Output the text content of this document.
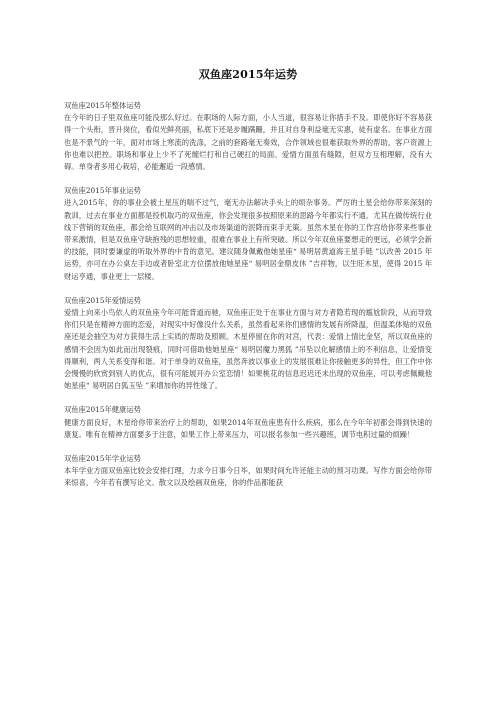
双鱼座2015年运势
双鱼座2015年整体运势
在今年的日子里双鱼座可能没那么好过。在职场的人际方面，小人当道，很容易让你措手不及。即使你好不容易获得一个头衔，晋升岗位，看似光鲜亮丽，私底下还是步履蹒跚，并且对自身利益毫无实惠，徒有虚名。在事业方面也是不景气的一年，面对市场上寒流的洗涤，之前的套路毫无奏效，合作领域也很难获取外界的帮助，客户资源上你也难以把控。职场和事业上少不了死缠烂打和自己硬扛的局面。爱情方面虽有缝隙，但双方互相理解，没有大碍。单身者多用心栽培，必能邂逅一段感情。
双鱼座2015年事业运势
进入2015年，你的事业会被土星压的喘不过气，毫无办法解决手头上的烦杂事务。严厉的土星会给你带来深刻的教训，过去在事业方面都是投机取巧的双鱼座，你会发现很多按照原来的思路今年都实行不通。尤其在做传统行业线下营销的双鱼座，都会给互联网的冲击以及市场渠道的泯降而束手无策。虽然木星在你的工作宫给你带来些事业带来激情，但是双鱼座守缺抱残的思想较重，很难在事业上有所突破。所以今年双鱼座要想走的更远，必须学会新的技能，同时要谦虚的听取外界的中肯的意见。建议随身佩戴他她星座“ 易明居黄道海王星手链 ”以改善 2015 年运势，亦可在办公桌左手边或者卧室北方位摆放他她星座“ 易明居金鼎皮休 ”吉祥物，以生旺木星，使得 2015 年财运亨通，事业更上一层楼。
双鱼座2015年爱情运势
爱情上向来小鸟依人的双鱼座今年可能背道而驰，双鱼座正处于在事业方面与对方者隐若现的尴尬阶段，从而导致你们只是在精神方面的恋爱，对现实中好像没什么关系，虽然看起来你们感情的发展有所降温，但温柔体贴的双鱼座还是会抽空为对方获得生活上实质的帮助及照顾。木星停留在你的对宫，代表：爱情上情比金坚，所以双鱼座的感情不会因为如此而出现裂痕，同时可借助他她星座“ 易明居魔力黑狐 ”吊坠以化解感情上的不利信息，让爱情变得顺利，两人关系变得和谐。对于单身的双鱼座，虽然奔波以事业上的发展很难让你接触更多的异性，但工作中你会慢慢的欣赏到别人的优点，很有可能展开办公室恋情！如果桃花的信息迟迟还未出现的双鱼座，可以考虑佩戴他她星座“ 易明居白狐玉坠 ”来增加你的异性缘了。
双鱼座2015年健康运势
健康方面良好，木星给你带来治疗上的帮助，如果2014年双鱼座患有什么疾病，那么在今年年初都会得到快速的康复。唯有在精神方面要多于注意，如果工作上带来压力，可以报名参加一些兴趣班，调节电积过量的烦躁！
双鱼座2015年学业运势
本年学业方面双鱼座比较会安排打理，力求今日事今日毕，如果时间允许还能主动的预习功课。写作方面会给你带来惊喜，今年若有撰写论文、散文以及绘画双鱼座，你的作品都能获
